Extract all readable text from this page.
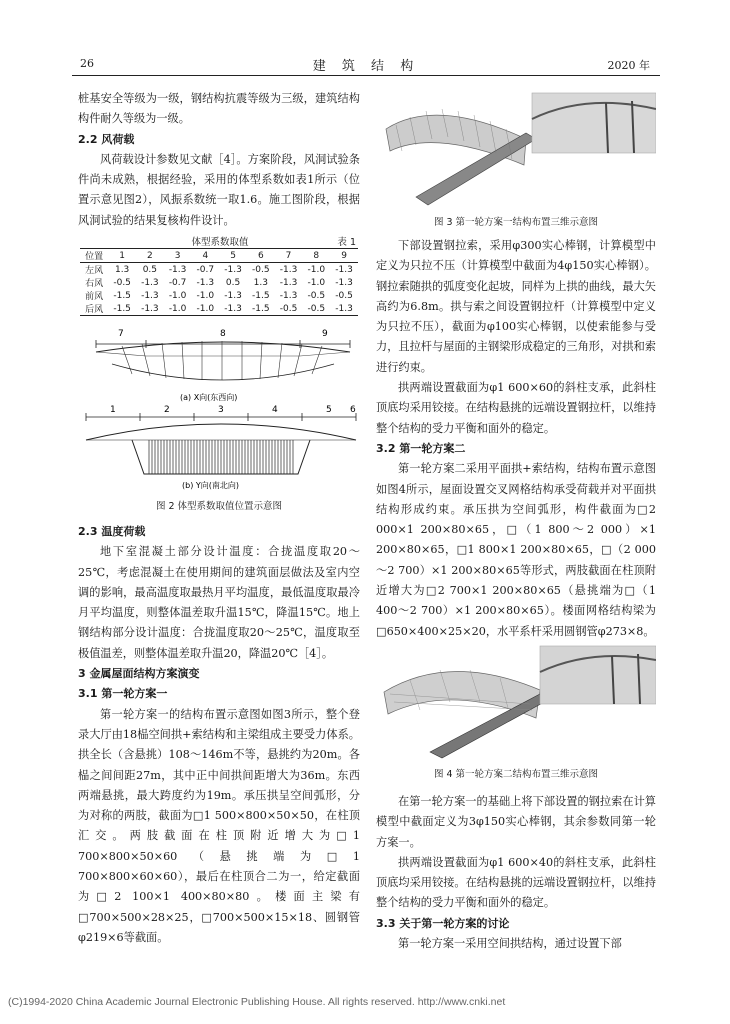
26	建 筑 结 构	2020 年

桩基安全等级为一级，钢结构抗震等级为三级，建筑结构构件耐久等级为一级。

2.2 风荷载

风荷载设计参数见文献［4］。方案阶段，风洞试验条件尚未成熟，根据经验，采用的体型系数如表1所示（位置示意见图2），风振系数统一取1.6。施工图阶段，根据风洞试验的结果复核构件设计。

体型系数取值	表 1
位置	1	2	3	4	5	6	7	8	9
左风	1.3	0.5	-1.3	-0.7	-1.3	-0.5	-1.3	-1.0	-1.3
右风	-0.5	-1.3	-0.7	-1.3	0.5	1.3	-1.3	-1.0	-1.3
前风	-1.5	-1.3	-1.0	-1.0	-1.3	-1.5	-1.3	-0.5	-0.5
后风	-1.5	-1.3	-1.0	-1.0	-1.3	-1.5	-0.5	-0.5	-1.3
7	8	9
(a) X向(东西向)
1	2	3	4	5 6
(b) Y向(南北向)
图 2 体型系数取值位置示意图

2.3 温度荷载

地下室混凝土部分设计温度：合拢温度取20～25℃，考虑混凝土在使用期间的建筑面层做法及室内空调的影响，最高温度取最热月平均温度，最低温度取最冷月平均温度，则整体温差取升温15℃，降温15℃。地上钢结构部分设计温度：合拢温度取20～25℃，温度取至极值温差，则整体温差取升温20，降温20℃［4］。

3 金属屋面结构方案演变

3.1 第一轮方案一

第一轮方案一的结构布置示意图如图3所示，整个登录大厅由18榀空间拱+索结构和主梁组成主要受力体系。拱全长（含悬挑）108～146m不等，悬挑约为20m。各榀之间间距27m，其中正中间拱间距增大为36m。东西两端悬挑，最大跨度约为19m。承压拱呈空间弧形，分为对称的两肢，截面为□1 500×800×50×50，在柱顶汇交。两肢截面在柱顶附近增大为□1 700×800×50×60（悬挑端为□1 700×800×60×60），最后在柱顶合二为一，给定截面为□2 100×1 400×80×80。楼面主梁有□700×500×28×25，□700×500×15×18、圆钢管φ219×6等截面。

图 3 第一轮方案一结构布置三维示意图

下部设置钢拉索，采用φ300实心棒钢，计算模型中定义为只拉不压（计算模型中截面为4φ150实心棒钢）。钢拉索随拱的弧度变化起坡，同样为上拱的曲线，最大矢高约为6.8m。拱与索之间设置钢拉杆（计算模型中定义为只拉不压），截面为φ100实心棒钢，以使索能参与受力，且拉杆与屋面的主钢梁形成稳定的三角形，对拱和索进行约束。

拱两端设置截面为φ1 600×60的斜柱支承，此斜柱顶底均采用铰接。在结构悬挑的远端设置钢拉杆，以维持整个结构的受力平衡和面外的稳定。

3.2 第一轮方案二

第一轮方案二采用平面拱+索结构，结构布置示意图如图4所示，屋面设置交叉网格结构承受荷载并对平面拱结构形成约束。承压拱为空间弧形，构件截面为□2 000×1 200×80×65，□（1 800～2 000）×1 200×80×65，□1 800×1 200×80×65，□（2 000～2 700）×1 200×80×65等形式，两肢截面在柱顶附近增大为□2 700×1 200×80×65（悬挑端为□（1 400～2 700）×1 200×80×65）。楼面网格结构梁为□650×400×25×20，水平系杆采用圆钢管φ273×8。

图 4 第一轮方案二结构布置三维示意图

在第一轮方案一的基础上将下部设置的钢拉索在计算模型中截面定义为3φ150实心棒钢，其余参数同第一轮方案一。

拱两端设置截面为φ1 600×40的斜柱支承，此斜柱顶底均采用铰接。在结构悬挑的远端设置钢拉杆，以维持整个结构的受力平衡和面外的稳定。

3.3 关于第一轮方案的讨论

第一轮方案一采用空间拱结构，通过设置下部

(C)1994-2020 China Academic Journal Electronic Publishing House. All rights reserved. http://www.cnki.net
